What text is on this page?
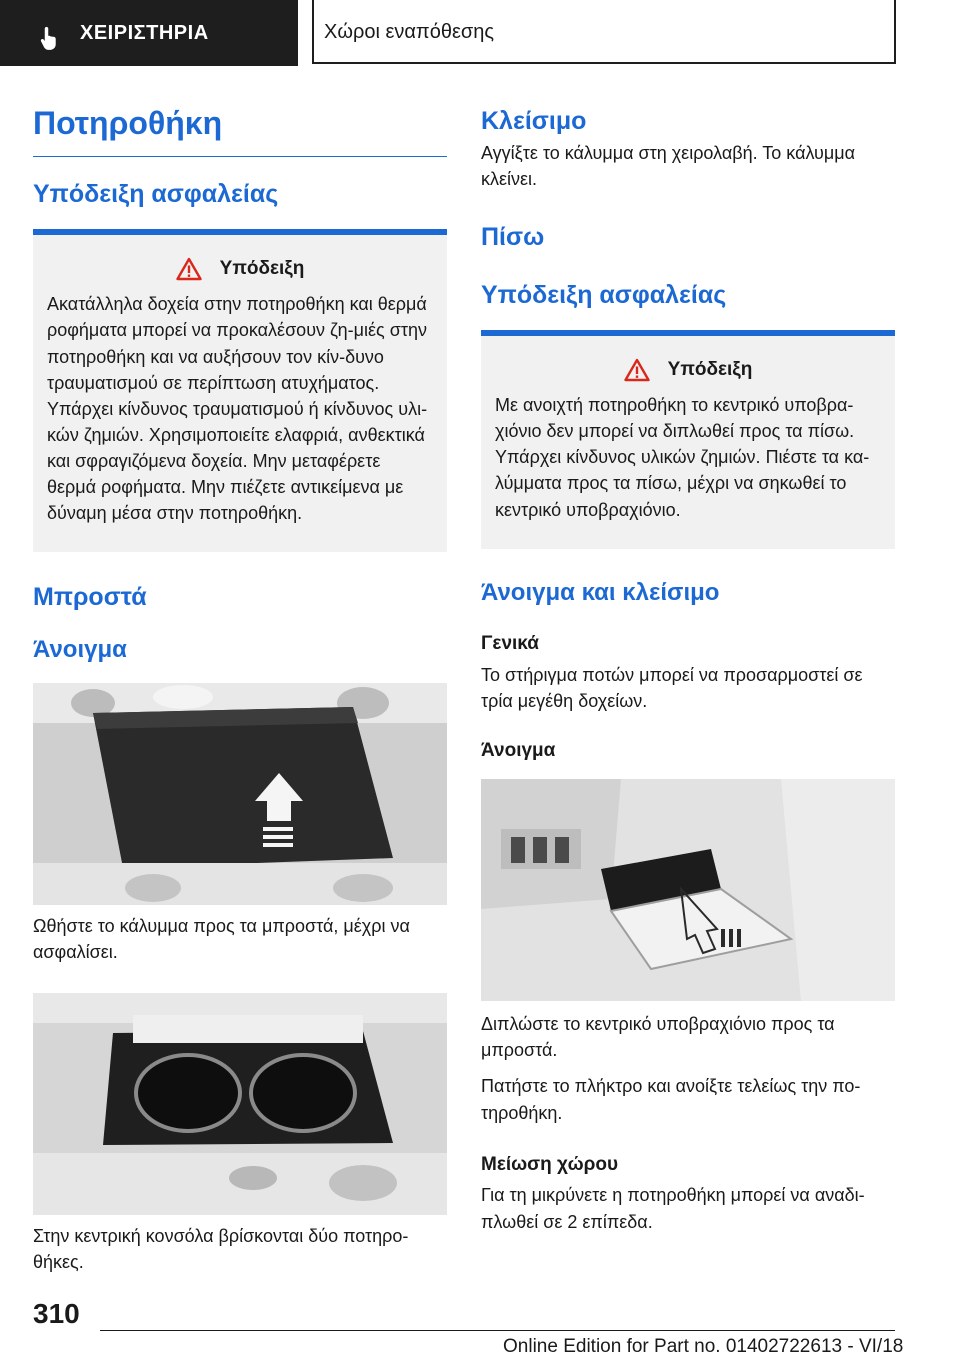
ΧΕΙΡΙΣΤΗΡΙΑ	Χώροι εναπόθεσης
Ποτηροθήκη
Υπόδειξη ασφαλείας
Υπόδειξη
Ακατάλληλα δοχεία στην ποτηροθήκη και θερμά ροφήματα μπορεί να προκαλέσουν ζη-μιές στην ποτηροθήκη και να αυξήσουν τον κίν-δυνο τραυματισμού σε περίπτωση ατυχήματος. Υπάρχει κίνδυνος τραυματισμού ή κίνδυνος υλι-κών ζημιών. Χρησιμοποιείτε ελαφριά, ανθεκτικά και σφραγιζόμενα δοχεία. Μην μεταφέρετε θερμά ροφήματα. Μην πιέζετε αντικείμενα με δύναμη μέσα στην ποτηροθήκη.
Μπροστά
Άνοιγμα
Ωθήστε το κάλυμμα προς τα μπροστά, μέχρι να ασφαλίσει.
Στην κεντρική κονσόλα βρίσκονται δύο ποτηρο-θήκες.
Κλείσιμο
Αγγίξτε το κάλυμμα στη χειρολαβή. Το κάλυμμα κλείνει.
Πίσω
Υπόδειξη ασφαλείας
Υπόδειξη
Με ανοιχτή ποτηροθήκη το κεντρικό υποβρα-χιόνιο δεν μπορεί να διπλωθεί προς τα πίσω. Υπάρχει κίνδυνος υλικών ζημιών. Πιέστε τα κα-λύμματα προς τα πίσω, μέχρι να σηκωθεί το κεντρικό υποβραχιόνιο.
Άνοιγμα και κλείσιμο
Γενικά
Το στήριγμα ποτών μπορεί να προσαρμοστεί σε τρία μεγέθη δοχείων.
Άνοιγμα
Διπλώστε το κεντρικό υποβραχιόνιο προς τα μπροστά.
Πατήστε το πλήκτρο και ανοίξτε τελείως την πο-τηροθήκη.
Μείωση χώρου
Για τη μικρύνετε η ποτηροθήκη μπορεί να αναδι-πλωθεί σε 2 επίπεδα.
310
Online Edition for Part no. 01402722613 - VI/18
